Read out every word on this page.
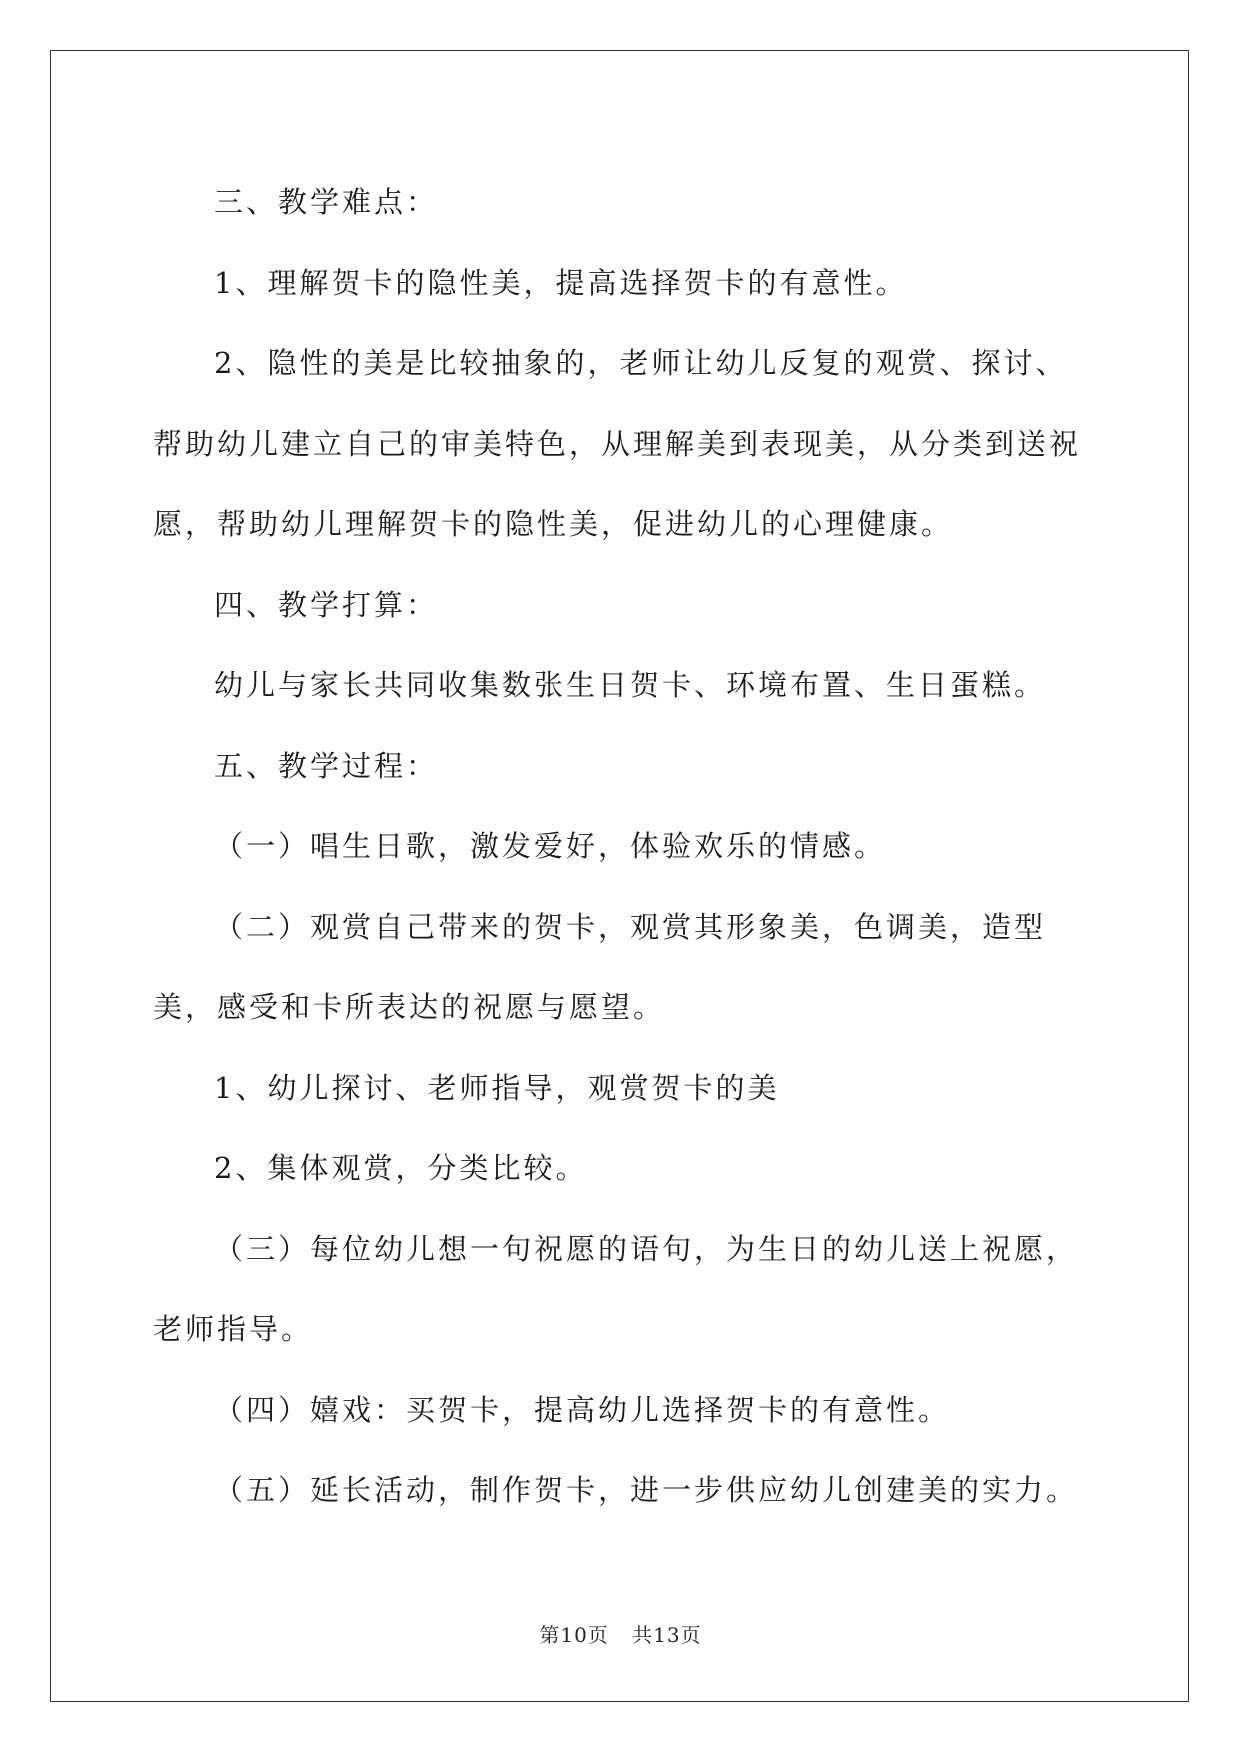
三、教学难点：

1、理解贺卡的隐性美，提高选择贺卡的有意性。

2、隐性的美是比较抽象的，老师让幼儿反复的观赏、探讨、帮助幼儿建立自己的审美特色，从理解美到表现美，从分类到送祝愿，帮助幼儿理解贺卡的隐性美，促进幼儿的心理健康。

四、教学打算：

幼儿与家长共同收集数张生日贺卡、环境布置、生日蛋糕。

五、教学过程：

（一）唱生日歌，激发爱好，体验欢乐的情感。

（二）观赏自己带来的贺卡，观赏其形象美，色调美，造型美，感受和卡所表达的祝愿与愿望。

1、幼儿探讨、老师指导，观赏贺卡的美

2、集体观赏，分类比较。

（三）每位幼儿想一句祝愿的语句，为生日的幼儿送上祝愿，老师指导。

（四）嬉戏：买贺卡，提高幼儿选择贺卡的有意性。

（五）延长活动，制作贺卡，进一步供应幼儿创建美的实力。

第10页 共13页
